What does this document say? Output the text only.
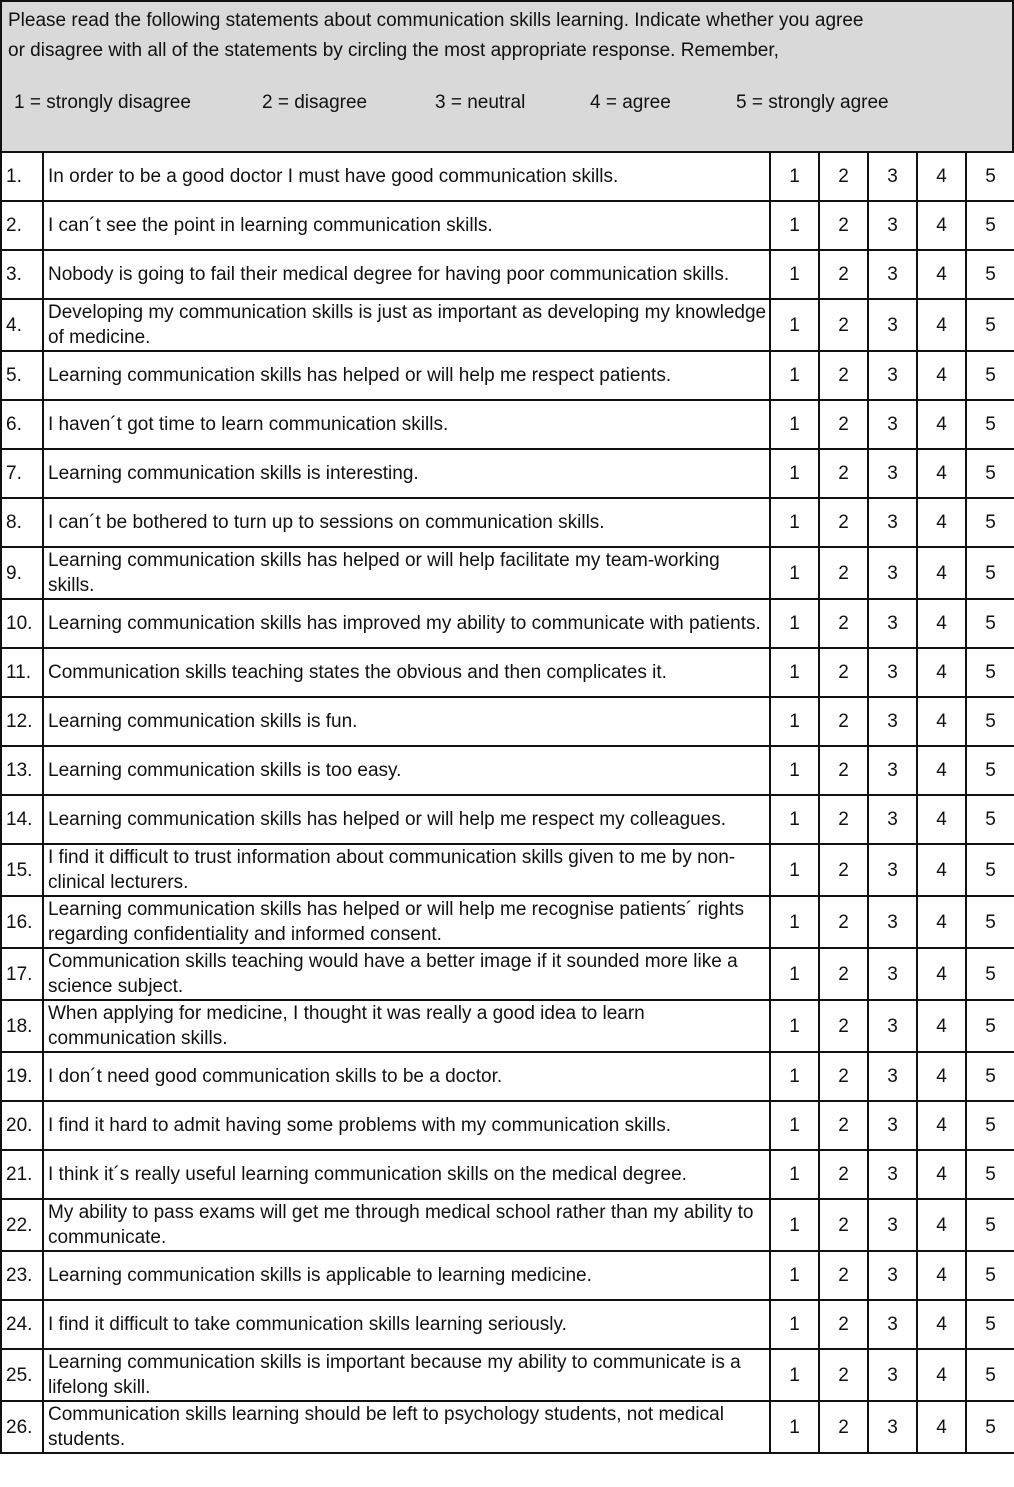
Please read the following statements about communication skills learning. Indicate whether you agree

or disagree with all of the statements by circling the most appropriate response. Remember,

1 = strongly disagree	2 = disagree	3 = neutral	4 = agree	5 = strongly agree
1.	In order to be a good doctor I must have good communication skills.	1	2	3	4	5
2.	I can´t see the point in learning communication skills.	1	2	3	4	5
3.	Nobody is going to fail their medical degree for having poor communication skills.	1	2	3	4	5
4.	Developing my communication skills is just as important as developing my knowledge of medicine.	1	2	3	4	5
5.	Learning communication skills has helped or will help me respect patients.	1	2	3	4	5
6.	I haven´t got time to learn communication skills.	1	2	3	4	5
7.	Learning communication skills is interesting.	1	2	3	4	5
8.	I can´t be bothered to turn up to sessions on communication skills.	1	2	3	4	5
9.	Learning communication skills has helped or will help facilitate my team-working skills.	1	2	3	4	5
10.	Learning communication skills has improved my ability to communicate with patients.	1	2	3	4	5
11.	Communication skills teaching states the obvious and then complicates it.	1	2	3	4	5
12.	Learning communication skills is fun.	1	2	3	4	5
13.	Learning communication skills is too easy.	1	2	3	4	5
14.	Learning communication skills has helped or will help me respect my colleagues.	1	2	3	4	5
15.	I find it difficult to trust information about communication skills given to me by non-clinical lecturers.	1	2	3	4	5
16.	Learning communication skills has helped or will help me recognise patients´ rights regarding confidentiality and informed consent.	1	2	3	4	5
17.	Communication skills teaching would have a better image if it sounded more like a science subject.	1	2	3	4	5
18.	When applying for medicine, I thought it was really a good idea to learn communication skills.	1	2	3	4	5
19.	I don´t need good communication skills to be a doctor.	1	2	3	4	5
20.	I find it hard to admit having some problems with my communication skills.	1	2	3	4	5
21.	I think it´s really useful learning communication skills on the medical degree.	1	2	3	4	5
22.	My ability to pass exams will get me through medical school rather than my ability to communicate.	1	2	3	4	5
23.	Learning communication skills is applicable to learning medicine.	1	2	3	4	5
24.	I find it difficult to take communication skills learning seriously.	1	2	3	4	5
25.	Learning communication skills is important because my ability to communicate is a lifelong skill.	1	2	3	4	5
26.	Communication skills learning should be left to psychology students, not medical students.	1	2	3	4	5
